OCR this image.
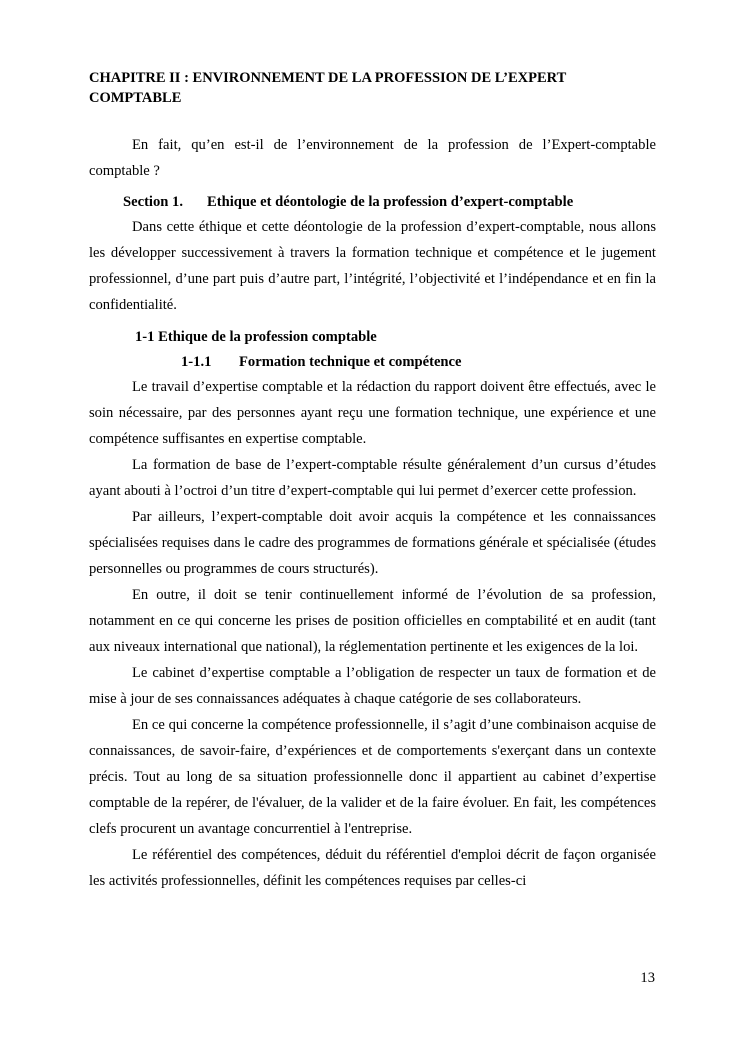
CHAPITRE II : ENVIRONNEMENT DE LA PROFESSION DE L’EXPERT COMPTABLE

En fait, qu’en est-il de l’environnement de la profession de l’Expert-comptable comptable ?

Section 1. Ethique et déontologie de la profession d’expert-comptable

Dans cette éthique et cette déontologie de la profession d’expert-comptable, nous allons les développer successivement à travers la formation technique et compétence et le jugement professionnel, d’une part puis d’autre part, l’intégrité, l’objectivité et l’indépendance et en fin la confidentialité.

1-1 Ethique de la profession comptable
1-1.1 Formation technique et compétence

Le travail d’expertise comptable et la rédaction du rapport doivent être effectués, avec le soin nécessaire, par des personnes ayant reçu une formation technique, une expérience et une compétence suffisantes en expertise comptable.

La formation de base de l’expert-comptable résulte généralement d’un cursus d’études ayant abouti à l’octroi d’un titre d’expert-comptable qui lui permet d’exercer cette profession.

Par ailleurs, l’expert-comptable doit avoir acquis la compétence et les connaissances spécialisées requises dans le cadre des programmes de formations générale et spécialisée (études personnelles ou programmes de cours structurés).

En outre, il doit se tenir continuellement informé de l’évolution de sa profession, notamment en ce qui concerne les prises de position officielles en comptabilité et en audit (tant aux niveaux international que national), la réglementation pertinente et les exigences de la loi.

Le cabinet d’expertise comptable a l’obligation de respecter un taux de formation et de mise à jour de ses connaissances adéquates à chaque catégorie de ses collaborateurs.

En ce qui concerne la compétence professionnelle, il s’agit d’une combinaison acquise de connaissances, de savoir-faire, d’expériences et de comportements s'exerçant dans un contexte précis. Tout au long de sa situation professionnelle donc il appartient au cabinet d’expertise comptable de la repérer, de l'évaluer, de la valider et de la faire évoluer. En fait, les compétences clefs procurent un avantage concurrentiel à l'entreprise.

Le référentiel des compétences, déduit du référentiel d'emploi décrit de façon organisée les activités professionnelles, définit les compétences requises par celles-ci

13
